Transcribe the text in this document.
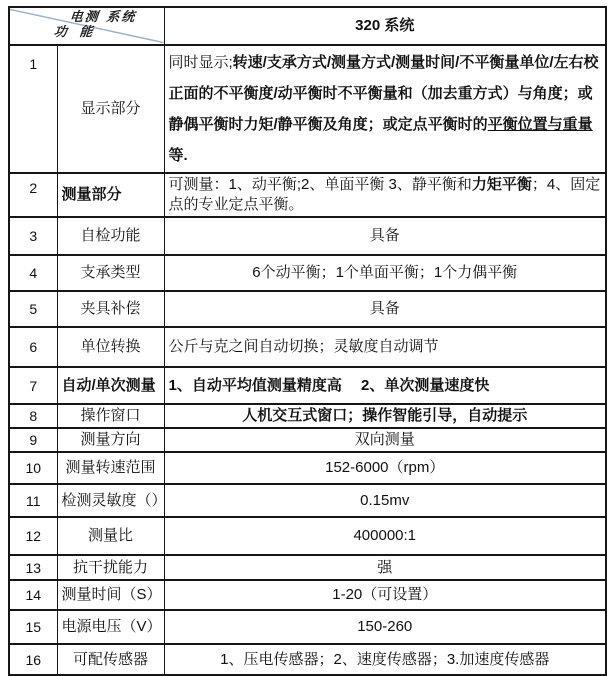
电测 系统
功 能		320 系统
1	显示部分	同时显示;转速/支承方式/测量方式/测量时间/不平衡量单位/左右校正面的不平衡度/动平衡时不平衡量和（加去重方式）与角度；或静偶平衡时力矩/静平衡及角度；或定点平衡时的平衡位置与重量等.
2	测量部分	可测量：1、动平衡;2、单面平衡 3、静平衡和力矩平衡；4、固定点的专业定点平衡。
3	自检功能	具备
4	支承类型	6个动平衡；1个单面平衡；1个力偶平衡
5	夹具补偿	具备
6	单位转换	公斤与克之间自动切换；灵敏度自动调节
7	自动/单次测量	1、自动平均值测量精度高　 2、单次测量速度快
8	操作窗口	人机交互式窗口；操作智能引导，自动提示
9	测量方向	双向测量
10	测量转速范围	152-6000（rpm）
11	检测灵敏度（）	0.15mv
12	测量比	400000:1
13	抗干扰能力	强
14	测量时间（S）	1-20（可设置）
15	电源电压（V）	150-260
16	可配传感器	1、压电传感器；2、速度传感器；3.加速度传感器
